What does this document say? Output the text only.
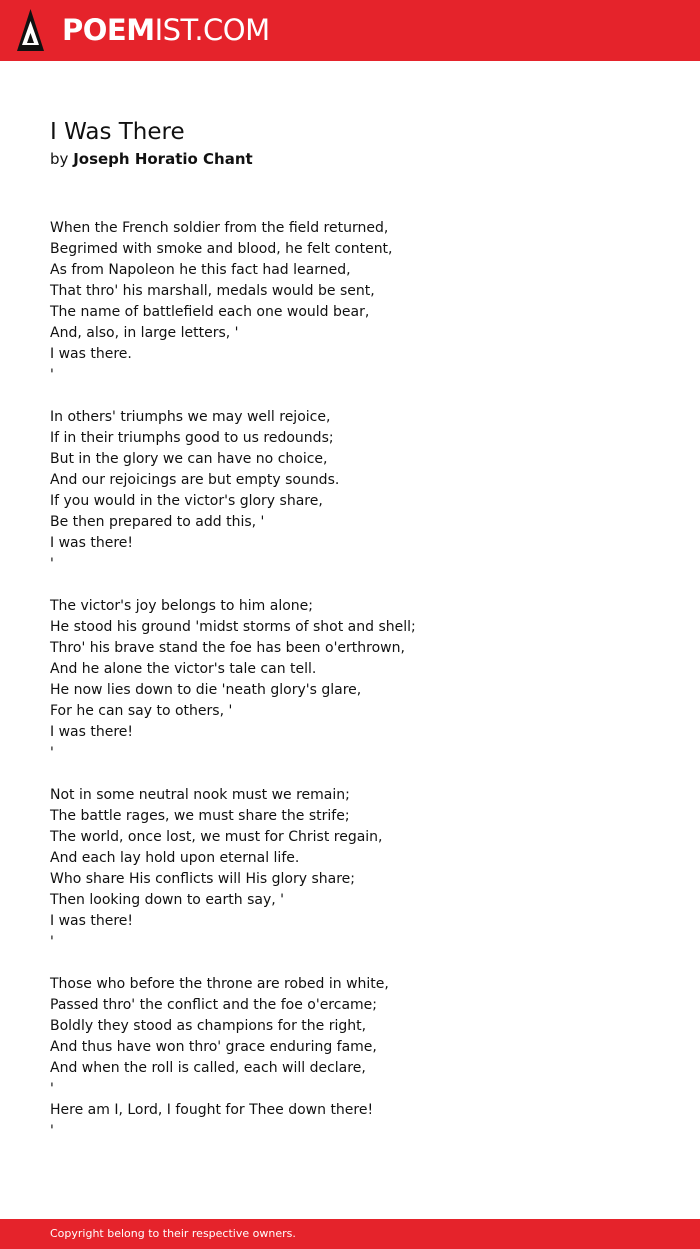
POEMIST.COM
I Was There
by Joseph Horatio Chant
When the French soldier from the field returned,
Begrimed with smoke and blood, he felt content,
As from Napoleon he this fact had learned,
That thro' his marshall, medals would be sent,
The name of battlefield each one would bear,
And, also, in large letters, '
I was there.
'
In others' triumphs we may well rejoice,
If in their triumphs good to us redounds;
But in the glory we can have no choice,
And our rejoicings are but empty sounds.
If you would in the victor's glory share,
Be then prepared to add this, '
I was there!
'
The victor's joy belongs to him alone;
He stood his ground 'midst storms of shot and shell;
Thro' his brave stand the foe has been o'erthrown,
And he alone the victor's tale can tell.
He now lies down to die 'neath glory's glare,
For he can say to others, '
I was there!
'
Not in some neutral nook must we remain;
The battle rages, we must share the strife;
The world, once lost, we must for Christ regain,
And each lay hold upon eternal life.
Who share His conflicts will His glory share;
Then looking down to earth say, '
I was there!
'
Those who before the throne are robed in white,
Passed thro' the conflict and the foe o'ercame;
Boldly they stood as champions for the right,
And thus have won thro' grace enduring fame,
And when the roll is called, each will declare,
'
Here am I, Lord, I fought for Thee down there!
'
Copyright belong to their respective owners.
